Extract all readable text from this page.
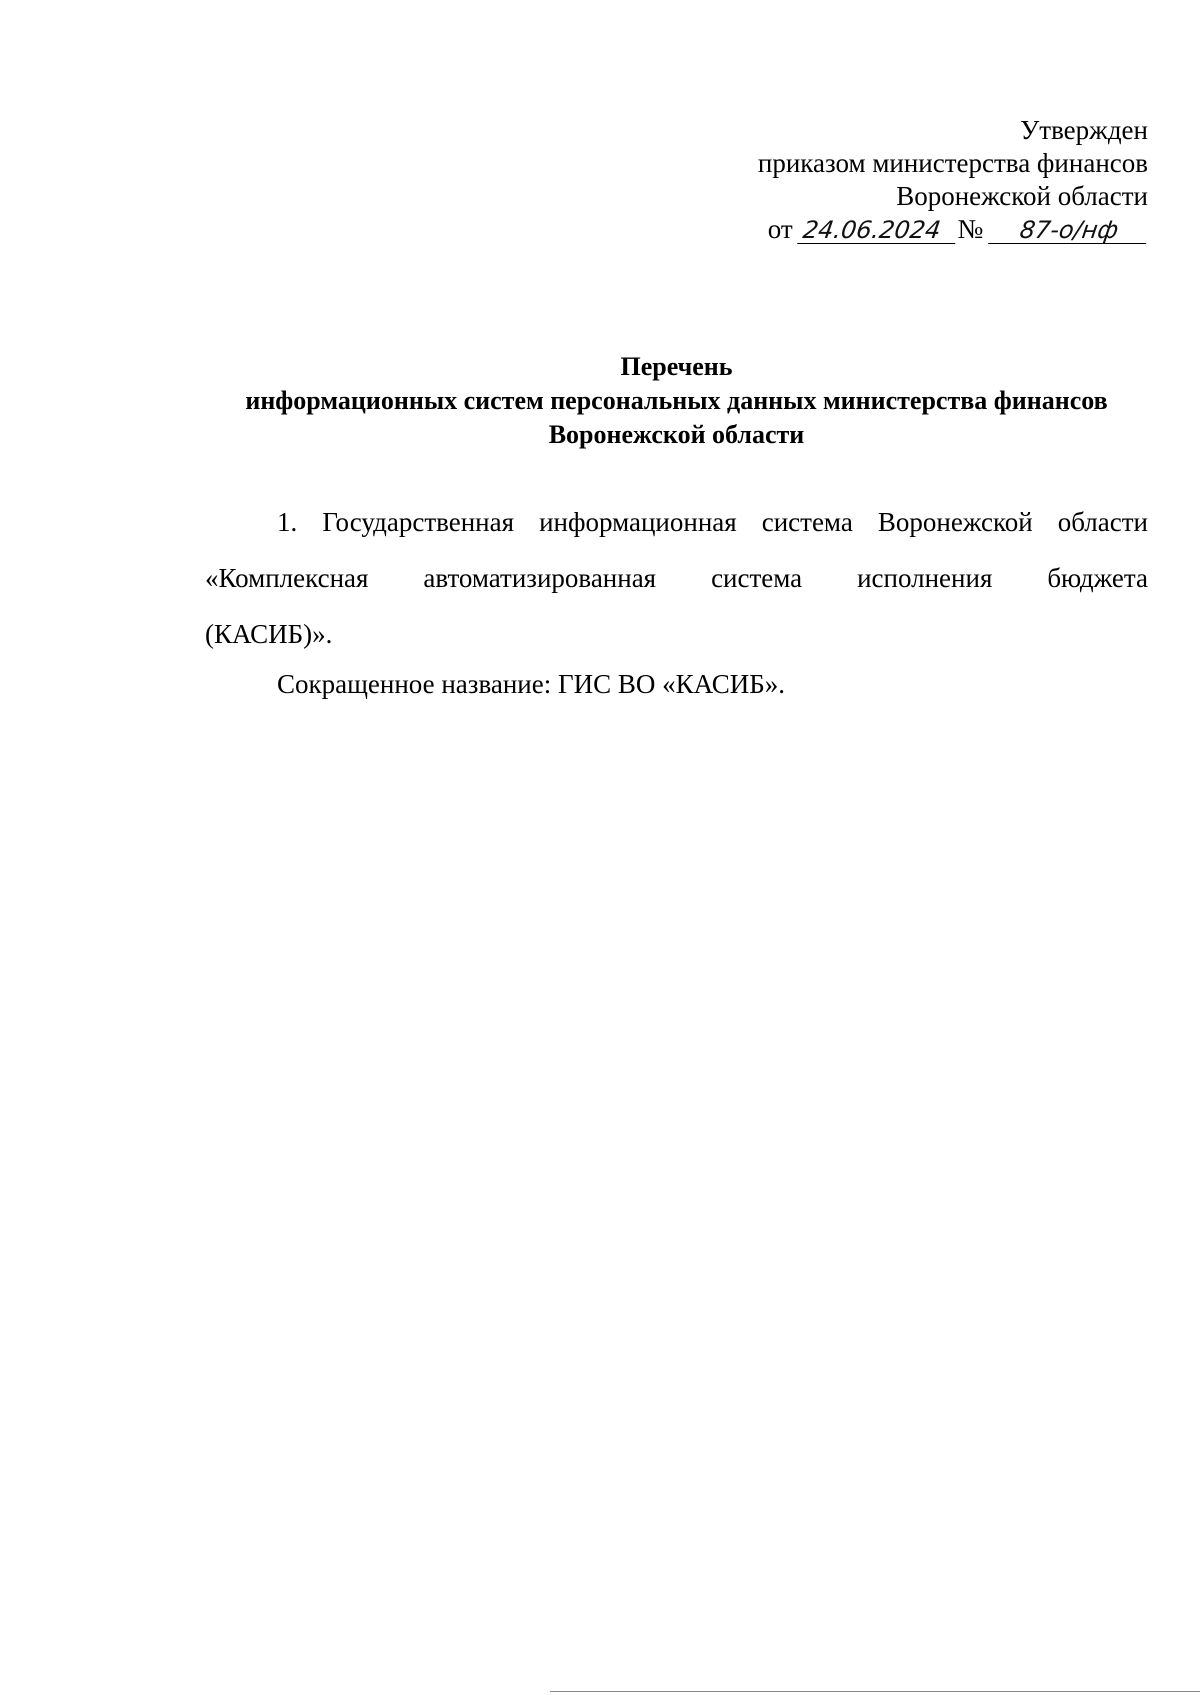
Утвержден
приказом министерства финансов
Воронежской области
от 24.06.2024 № 87-о/нф
Перечень
информационных систем персональных данных министерства финансов
Воронежской области
1. Государственная информационная система Воронежской области «Комплексная автоматизированная система исполнения бюджета (КАСИБ)».
Сокращенное название: ГИС ВО «КАСИБ».
